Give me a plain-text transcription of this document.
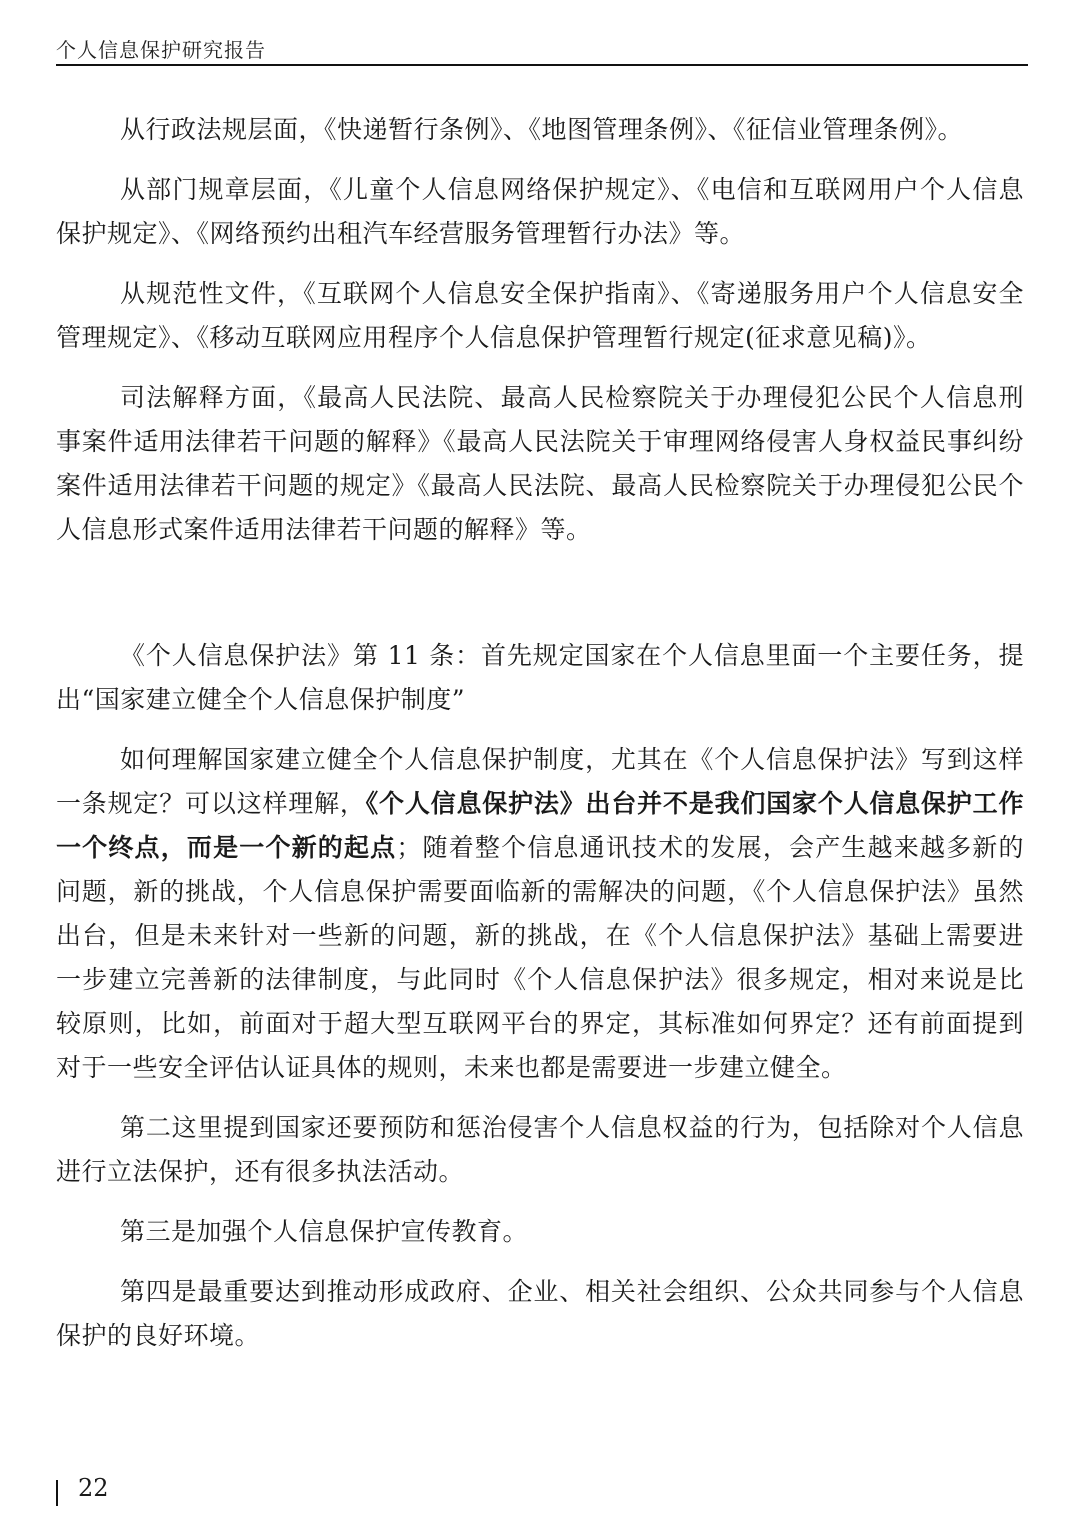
个人信息保护研究报告

从行政法规层面，《快递暂行条例》、《地图管理条例》、《征信业管理条例》。

从部门规章层面，《儿童个人信息网络保护规定》、《电信和互联网用户个人信息保护规定》、《网络预约出租汽车经营服务管理暂行办法》等。

从规范性文件，《互联网个人信息安全保护指南》、《寄递服务用户个人信息安全管理规定》、《移动互联网应用程序个人信息保护管理暂行规定(征求意见稿)》。

司法解释方面，《最高人民法院、最高人民检察院关于办理侵犯公民个人信息刑事案件适用法律若干问题的解释》《最高人民法院关于审理网络侵害人身权益民事纠纷案件适用法律若干问题的规定》《最高人民法院、最高人民检察院关于办理侵犯公民个人信息形式案件适用法律若干问题的解释》等。

《个人信息保护法》第 11 条：首先规定国家在个人信息里面一个主要任务，提出“国家建立健全个人信息保护制度”

如何理解国家建立健全个人信息保护制度，尤其在《个人信息保护法》写到这样一条规定？可以这样理解，《个人信息保护法》出台并不是我们国家个人信息保护工作一个终点，而是一个新的起点；随着整个信息通讯技术的发展，会产生越来越多新的问题，新的挑战，个人信息保护需要面临新的需解决的问题，《个人信息保护法》虽然出台，但是未来针对一些新的问题，新的挑战，在《个人信息保护法》基础上需要进一步建立完善新的法律制度，与此同时《个人信息保护法》很多规定，相对来说是比较原则，比如，前面对于超大型互联网平台的界定，其标准如何界定？还有前面提到对于一些安全评估认证具体的规则，未来也都是需要进一步建立健全。

第二这里提到国家还要预防和惩治侵害个人信息权益的行为，包括除对个人信息进行立法保护，还有很多执法活动。

第三是加强个人信息保护宣传教育。

第四是最重要达到推动形成政府、企业、相关社会组织、公众共同参与个人信息保护的良好环境。

22
